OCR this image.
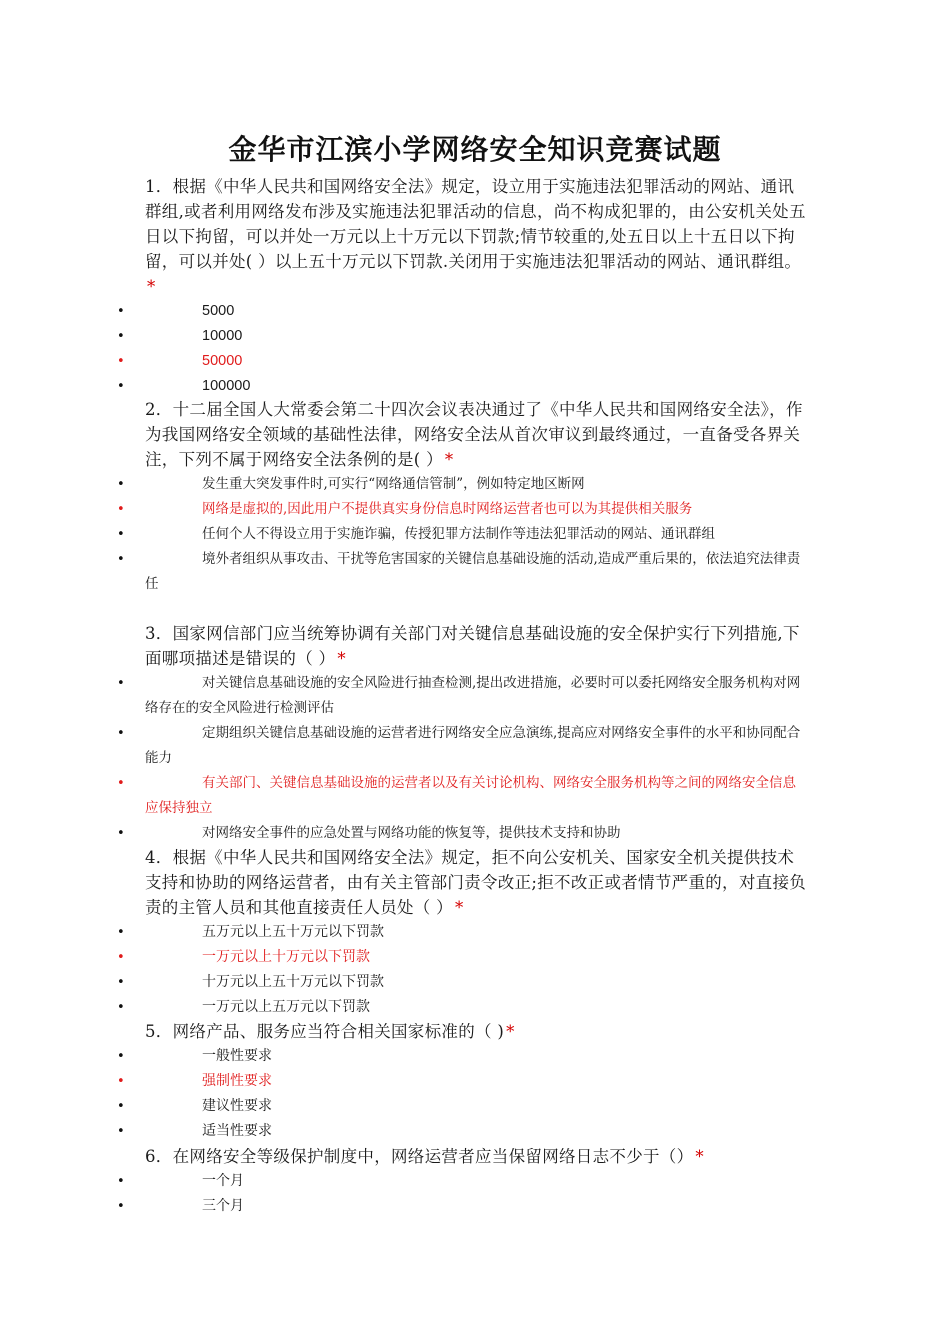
金华市江滨小学网络安全知识竞赛试题

1．根据《中华人民共和国网络安全法》规定，设立用于实施违法犯罪活动的网站、通讯群组,或者利用网络发布涉及实施违法犯罪活动的信息，尚不构成犯罪的，由公安机关处五日以下拘留，可以并处一万元以上十万元以下罚款;情节较重的,处五日以上十五日以下拘留，可以并处( ）以上五十万元以下罚款.关闭用于实施违法犯罪活动的网站、通讯群组。*

•	5000
•	10000
•	50000
•	100000

2．十二届全国人大常委会第二十四次会议表决通过了《中华人民共和国网络安全法》，作为我国网络安全领域的基础性法律，网络安全法从首次审议到最终通过，一直备受各界关注，下列不属于网络安全法条例的是( ） *

•	发生重大突发事件时,可实行“网络通信管制”，例如特定地区断网
•	网络是虚拟的,因此用户不提供真实身份信息时网络运营者也可以为其提供相关服务
•	任何个人不得设立用于实施诈骗，传授犯罪方法制作等违法犯罪活动的网站、通讯群组
•	境外者组织从事攻击、干扰等危害国家的关键信息基础设施的活动,造成严重后果的，依法追究法律责任

3．国家网信部门应当统筹协调有关部门对关键信息基础设施的安全保护实行下列措施,下面哪项描述是错误的（ ） *

•	对关键信息基础设施的安全风险进行抽查检测,提出改进措施，必要时可以委托网络安全服务机构对网络存在的安全风险进行检测评估
•	定期组织关键信息基础设施的运营者进行网络安全应急演练,提高应对网络安全事件的水平和协同配合能力
•	有关部门、关键信息基础设施的运营者以及有关讨论机构、网络安全服务机构等之间的网络安全信息应保持独立
•	对网络安全事件的应急处置与网络功能的恢复等，提供技术支持和协助

4．根据《中华人民共和国网络安全法》规定，拒不向公安机关、国家安全机关提供技术支持和协助的网络运营者，由有关主管部门责令改正;拒不改正或者情节严重的，对直接负责的主管人员和其他直接责任人员处（ ） *

•	五万元以上五十万元以下罚款
•	一万元以上十万元以下罚款
•	十万元以上五十万元以下罚款
•	一万元以上五万元以下罚款

5．网络产品、服务应当符合相关国家标准的（ ) *

•	一般性要求
•	强制性要求
•	建议性要求
•	适当性要求

6．在网络安全等级保护制度中，网络运营者应当保留网络日志不少于（） *

•	一个月
•	三个月
